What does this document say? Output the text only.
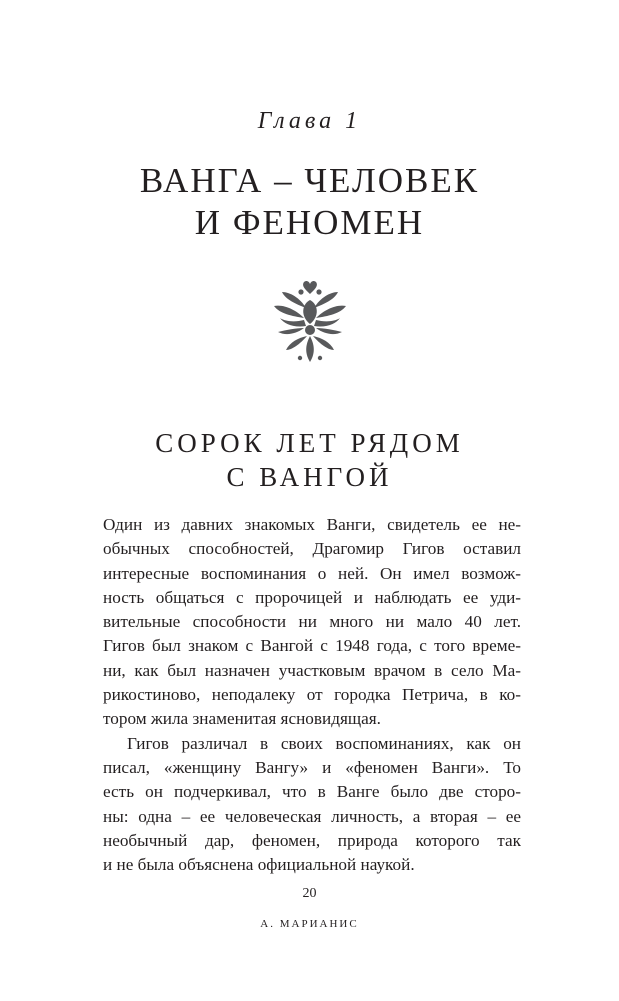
Глава 1
ВАНГА – ЧЕЛОВЕК
И ФЕНОМЕН
СОРОК ЛЕТ РЯДОМ
С ВАНГОЙ
Один из давних знакомых Ванги, свидетель ее не-
обычных способностей, Драгомир Гигов оставил
интересные воспоминания о ней. Он имел возмож-
ность общаться с пророчицей и наблюдать ее уди-
вительные способности ни много ни мало 40 лет.
Гигов был знаком с Вангой с 1948 года, с того време-
ни, как был назначен участковым врачом в село Ма-
рикостиново, неподалеку от городка Петрича, в ко-
тором жила знаменитая ясновидящая.
Гигов различал в своих воспоминаниях, как он
писал, «женщину Вангу» и «феномен Ванги». То
есть он подчеркивал, что в Ванге было две сторо-
ны: одна – ее человеческая личность, а вторая – ее
необычный дар, феномен, природа которого так
и не была объяснена официальной наукой.
20
А. МАРИАНИС
